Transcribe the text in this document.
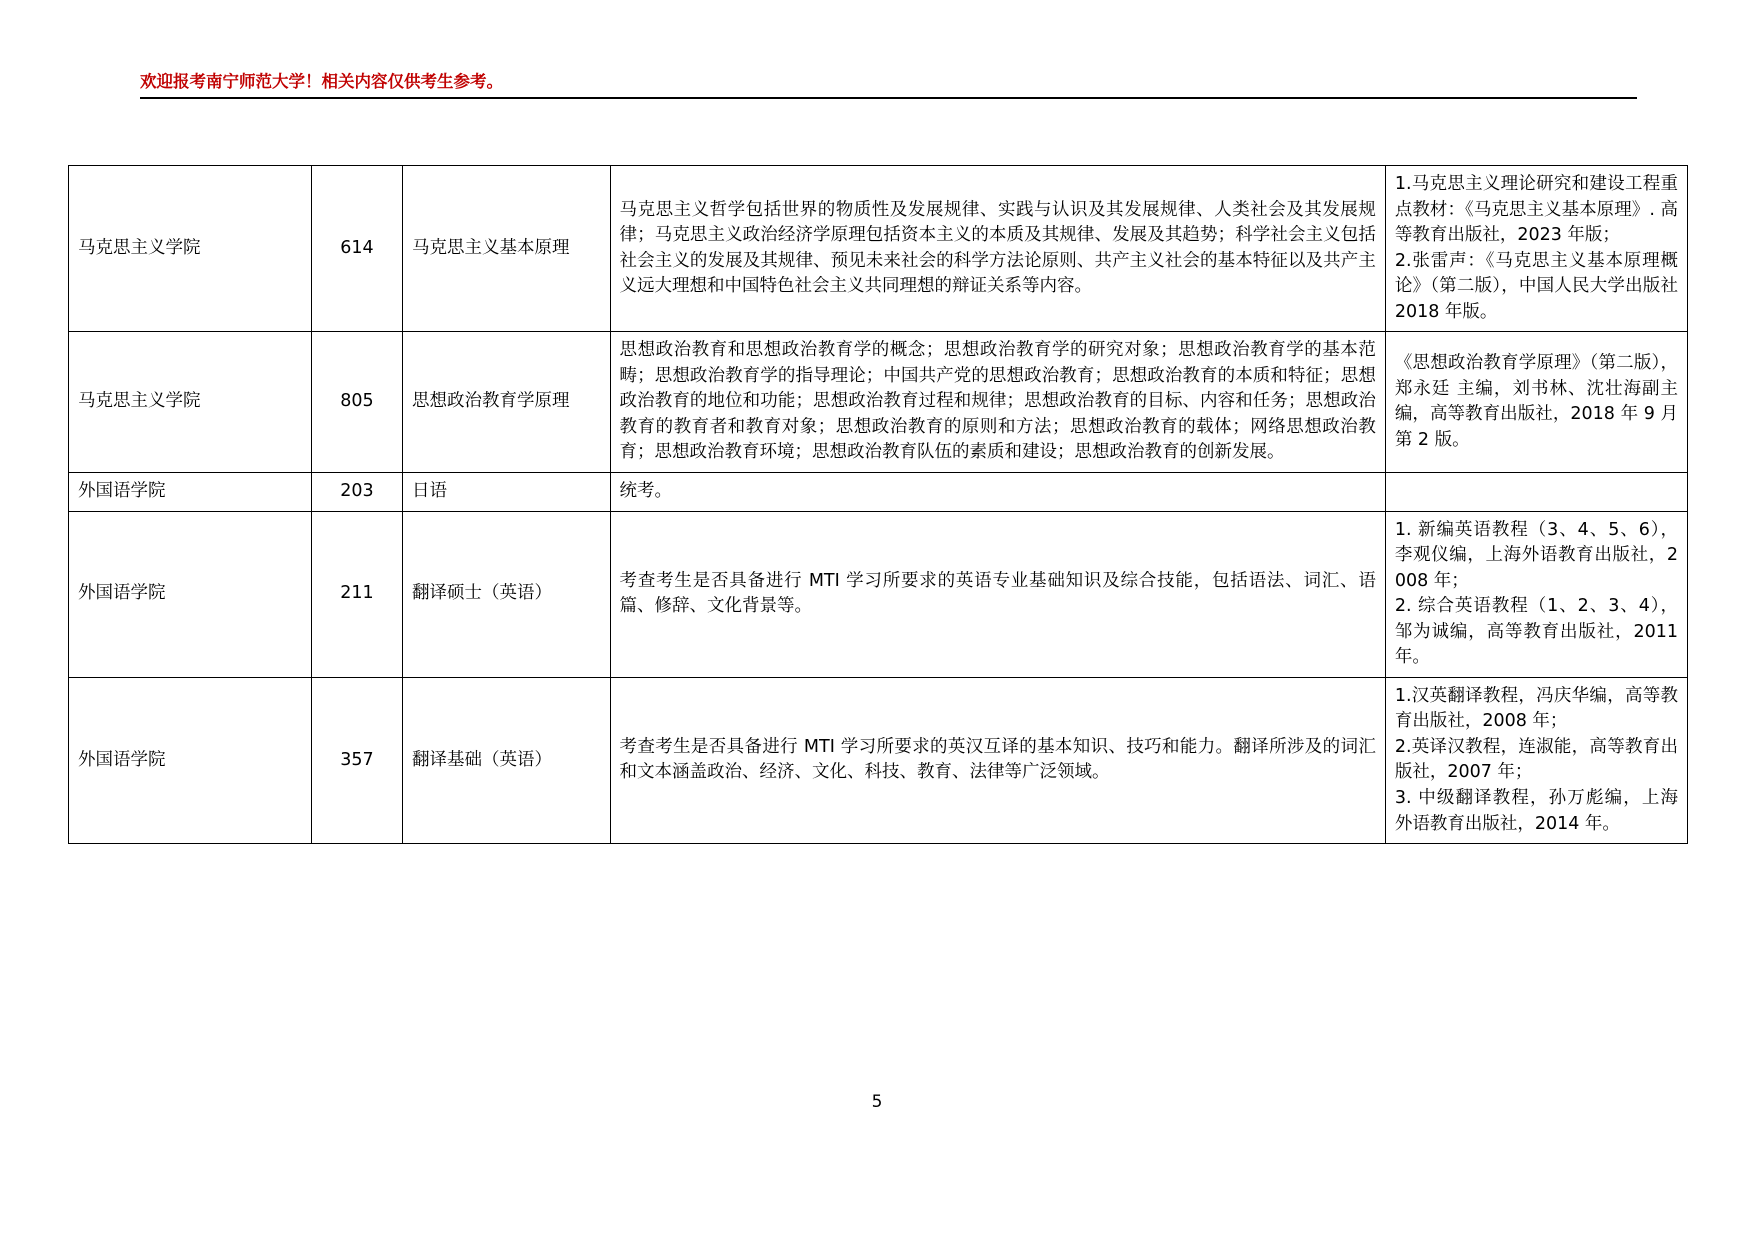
欢迎报考南宁师范大学！相关内容仅供考生参考。
马克思主义学院	614	马克思主义基本原理	马克思主义哲学包括世界的物质性及发展规律、实践与认识及其发展规律、人类社会及其发展规律；马克思主义政治经济学原理包括资本主义的本质及其规律、发展及其趋势；科学社会主义包括社会主义的发展及其规律、预见未来社会的科学方法论原则、共产主义社会的基本特征以及共产主义远大理想和中国特色社会主义共同理想的辩证关系等内容。	1.马克思主义理论研究和建设工程重点教材：《马克思主义基本原理》. 高等教育出版社，2023 年版；
2.张雷声：《马克思主义基本原理概论》（第二版），中国人民大学出版社 2018 年版。

马克思主义学院	805	思想政治教育学原理	思想政治教育和思想政治教育学的概念；思想政治教育学的研究对象；思想政治教育学的基本范畴；思想政治教育学的指导理论；中国共产党的思想政治教育；思想政治教育的本质和特征；思想政治教育的地位和功能；思想政治教育过程和规律；思想政治教育的目标、内容和任务；思想政治教育的教育者和教育对象；思想政治教育的原则和方法；思想政治教育的载体；网络思想政治教育；思想政治教育环境；思想政治教育队伍的素质和建设；思想政治教育的创新发展。	《思想政治教育学原理》（第二版），郑永廷 主编，刘书林、沈壮海副主编，高等教育出版社，2018 年 9 月第 2 版。
外国语学院	203	日语	统考。	
外国语学院	211	翻译硕士（英语）	考查考生是否具备进行 MTI 学习所要求的英语专业基础知识及综合技能，包括语法、词汇、语篇、修辞、文化背景等。	1. 新编英语教程（3、4、5、6），李观仪编，上海外语教育出版社，2008 年；
2. 综合英语教程（1、2、3、4），邹为诚编，高等教育出版社，2011 年。

外国语学院	357	翻译基础（英语）	考查考生是否具备进行 MTI 学习所要求的英汉互译的基本知识、技巧和能力。翻译所涉及的词汇和文本涵盖政治、经济、文化、科技、教育、法律等广泛领域。	1.汉英翻译教程，冯庆华编，高等教育出版社，2008 年；
2.英译汉教程，连淑能，高等教育出版社，2007 年；
3. 中级翻译教程，孙万彪编，上海外语教育出版社，2014 年。
5
